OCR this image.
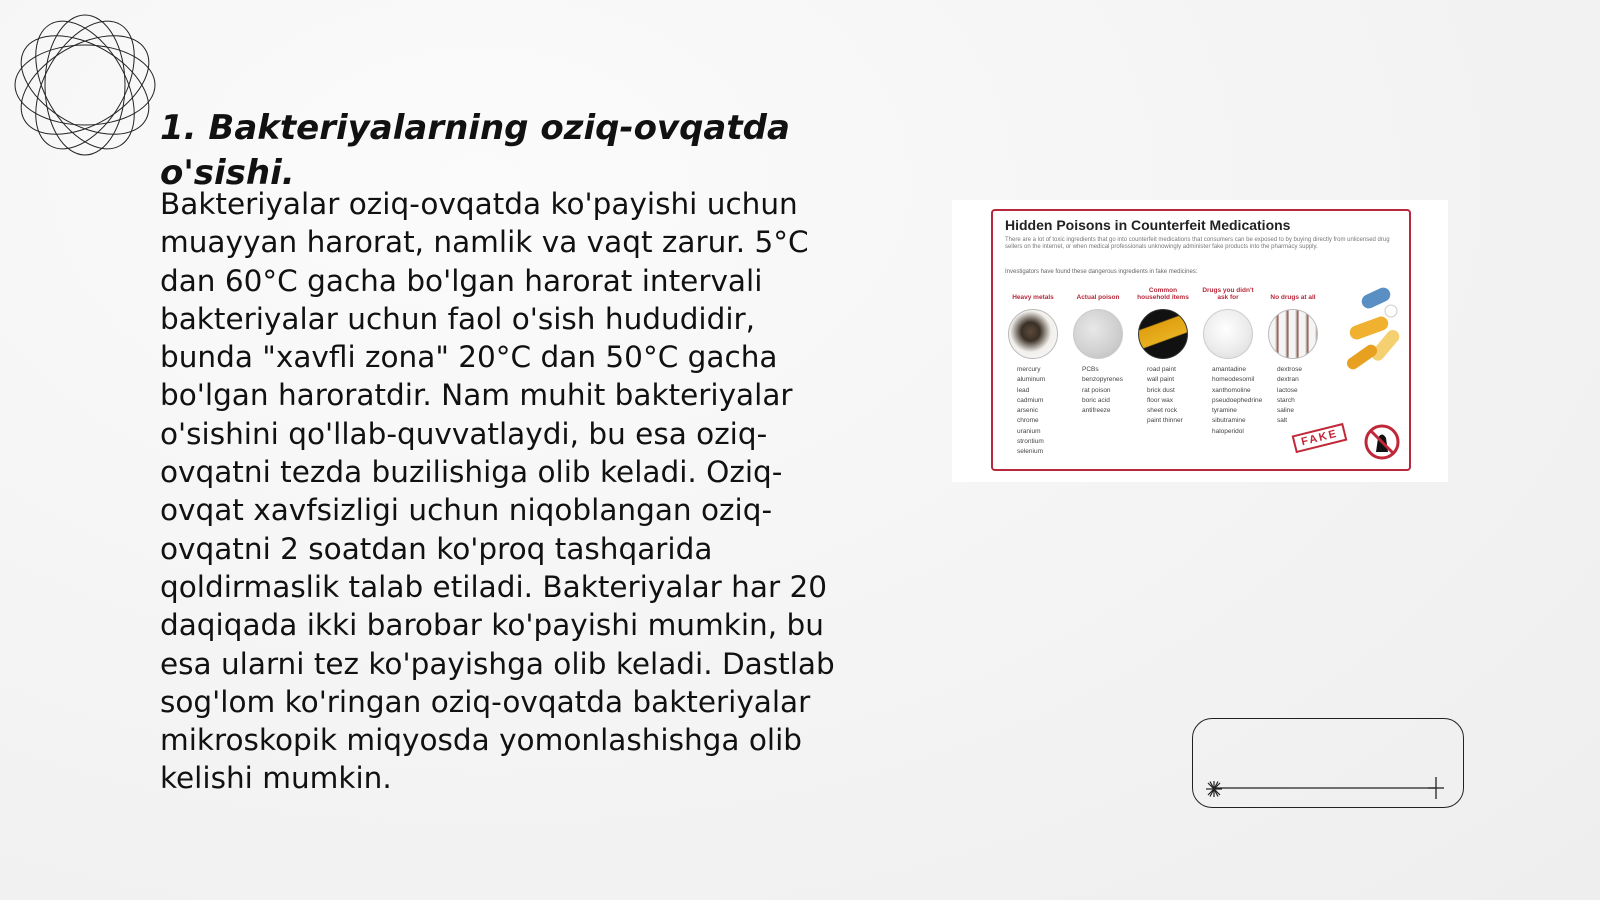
1. Bakteriyalarning oziq-ovqatda o'sishi.

Bakteriyalar oziq-ovqatda ko'payishi uchun muayyan harorat, namlik va vaqt zarur. 5°C dan 60°C gacha bo'lgan harorat intervali bakteriyalar uchun faol o'sish hududidir, bunda "xavfli zona" 20°C dan 50°C gacha bo'lgan haroratdir. Nam muhit bakteriyalar o'sishini qo'llab-quvvatlaydi, bu esa oziq-ovqatni tezda buzilishiga olib keladi. Oziq-ovqat xavfsizligi uchun niqoblangan oziq-ovqatni 2 soatdan ko'proq tashqarida qoldirmaslik talab etiladi. Bakteriyalar har 20 daqiqada ikki barobar ko'payishi mumkin, bu esa ularni tez ko'payishga olib keladi. Dastlab sog'lom ko'ringan oziq-ovqatda bakteriyalar mikroskopik miqyosda yomonlashishga olib kelishi mumkin.

Hidden Poisons in Counterfeit Medications
There are a lot of toxic ingredients that go into counterfeit medications that consumers can be exposed to by buying directly from unlicensed drug sellers on the internet, or when medical professionals unknowingly administer fake products into the pharmacy supply.
Investigators have found these dangerous ingredients in fake medicines:
Heavy metals
mercury
aluminum
lead
cadmium
arsenic
chrome
uranium
strontium
selenium
Actual poison
PCBs
benzopyrenes
rat poison
boric acid
antifreeze
Common household items
road paint
wall paint
brick dust
floor wax
sheet rock
paint thinner
Drugs you didn't ask for
amantadine
homeodesomil
xanthomoline
pseudoephedrine
tyramine
sibutramine
haloperidol
No drugs at all
dextrose
dextran
lactose
starch
saline
salt
FAKE
